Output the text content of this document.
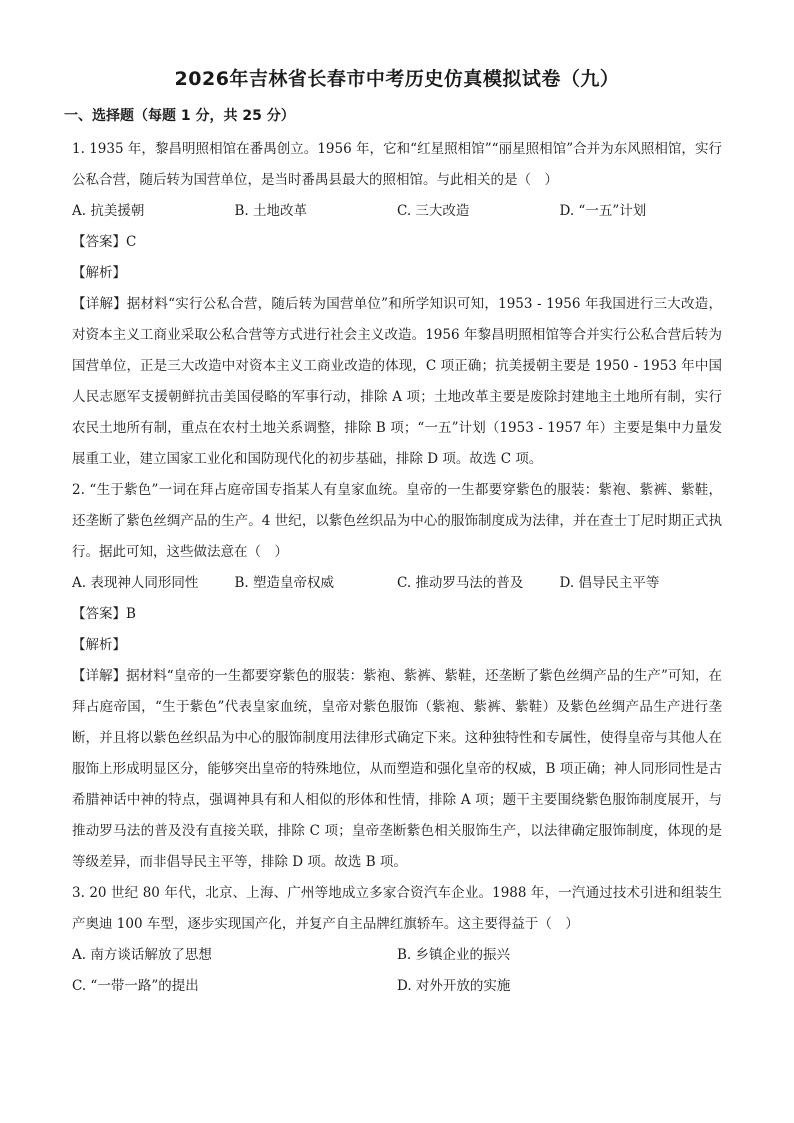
2026年吉林省长春市中考历史仿真模拟试卷（九）
一、选择题（每题 1 分，共 25 分）

1. 1935 年，黎昌明照相馆在番禺创立。1956 年，它和“红星照相馆”“丽星照相馆”合并为东风照相馆，实行公私合营，随后转为国营单位，是当时番禺县最大的照相馆。与此相关的是（　）

A. 抗美援朝	B. 土地改革	C. 三大改造	D. “一五”计划

【答案】C

【解析】

【详解】据材料“实行公私合营，随后转为国营单位”和所学知识可知，1953 - 1956 年我国进行三大改造，对资本主义工商业采取公私合营等方式进行社会主义改造。1956 年黎昌明照相馆等合并实行公私合营后转为国营单位，正是三大改造中对资本主义工商业改造的体现，C 项正确；抗美援朝主要是 1950 - 1953 年中国人民志愿军支援朝鲜抗击美国侵略的军事行动，排除 A 项；土地改革主要是废除封建地主土地所有制，实行农民土地所有制，重点在农村土地关系调整，排除 B 项；“一五”计划（1953 - 1957 年）主要是集中力量发展重工业，建立国家工业化和国防现代化的初步基础，排除 D 项。故选 C 项。

2. “生于紫色”一词在拜占庭帝国专指某人有皇家血统。皇帝的一生都要穿紫色的服装：紫袍、紫裤、紫鞋，还垄断了紫色丝绸产品的生产。4 世纪，以紫色丝织品为中心的服饰制度成为法律，并在查士丁尼时期正式执行。据此可知，这些做法意在（　）

A. 表现神人同形同性	B. 塑造皇帝权威	C. 推动罗马法的普及	D. 倡导民主平等

【答案】B

【解析】

【详解】据材料“皇帝的一生都要穿紫色的服装：紫袍、紫裤、紫鞋，还垄断了紫色丝绸产品的生产”可知，在拜占庭帝国，“生于紫色”代表皇家血统，皇帝对紫色服饰（紫袍、紫裤、紫鞋）及紫色丝绸产品生产进行垄断，并且将以紫色丝织品为中心的服饰制度用法律形式确定下来。这种独特性和专属性，使得皇帝与其他人在服饰上形成明显区分，能够突出皇帝的特殊地位，从而塑造和强化皇帝的权威，B 项正确；神人同形同性是古希腊神话中神的特点，强调神具有和人相似的形体和性情，排除 A 项；题干主要围绕紫色服饰制度展开，与推动罗马法的普及没有直接关联，排除 C 项；皇帝垄断紫色相关服饰生产，以法律确定服饰制度，体现的是等级差异，而非倡导民主平等，排除 D 项。故选 B 项。

3. 20 世纪 80 年代，北京、上海、广州等地成立多家合资汽车企业。1988 年，一汽通过技术引进和组装生产奥迪 100 车型，逐步实现国产化，并复产自主品牌红旗轿车。这主要得益于（　）

A. 南方谈话解放了思想	B. 乡镇企业的振兴
C. “一带一路”的提出	D. 对外开放的实施
